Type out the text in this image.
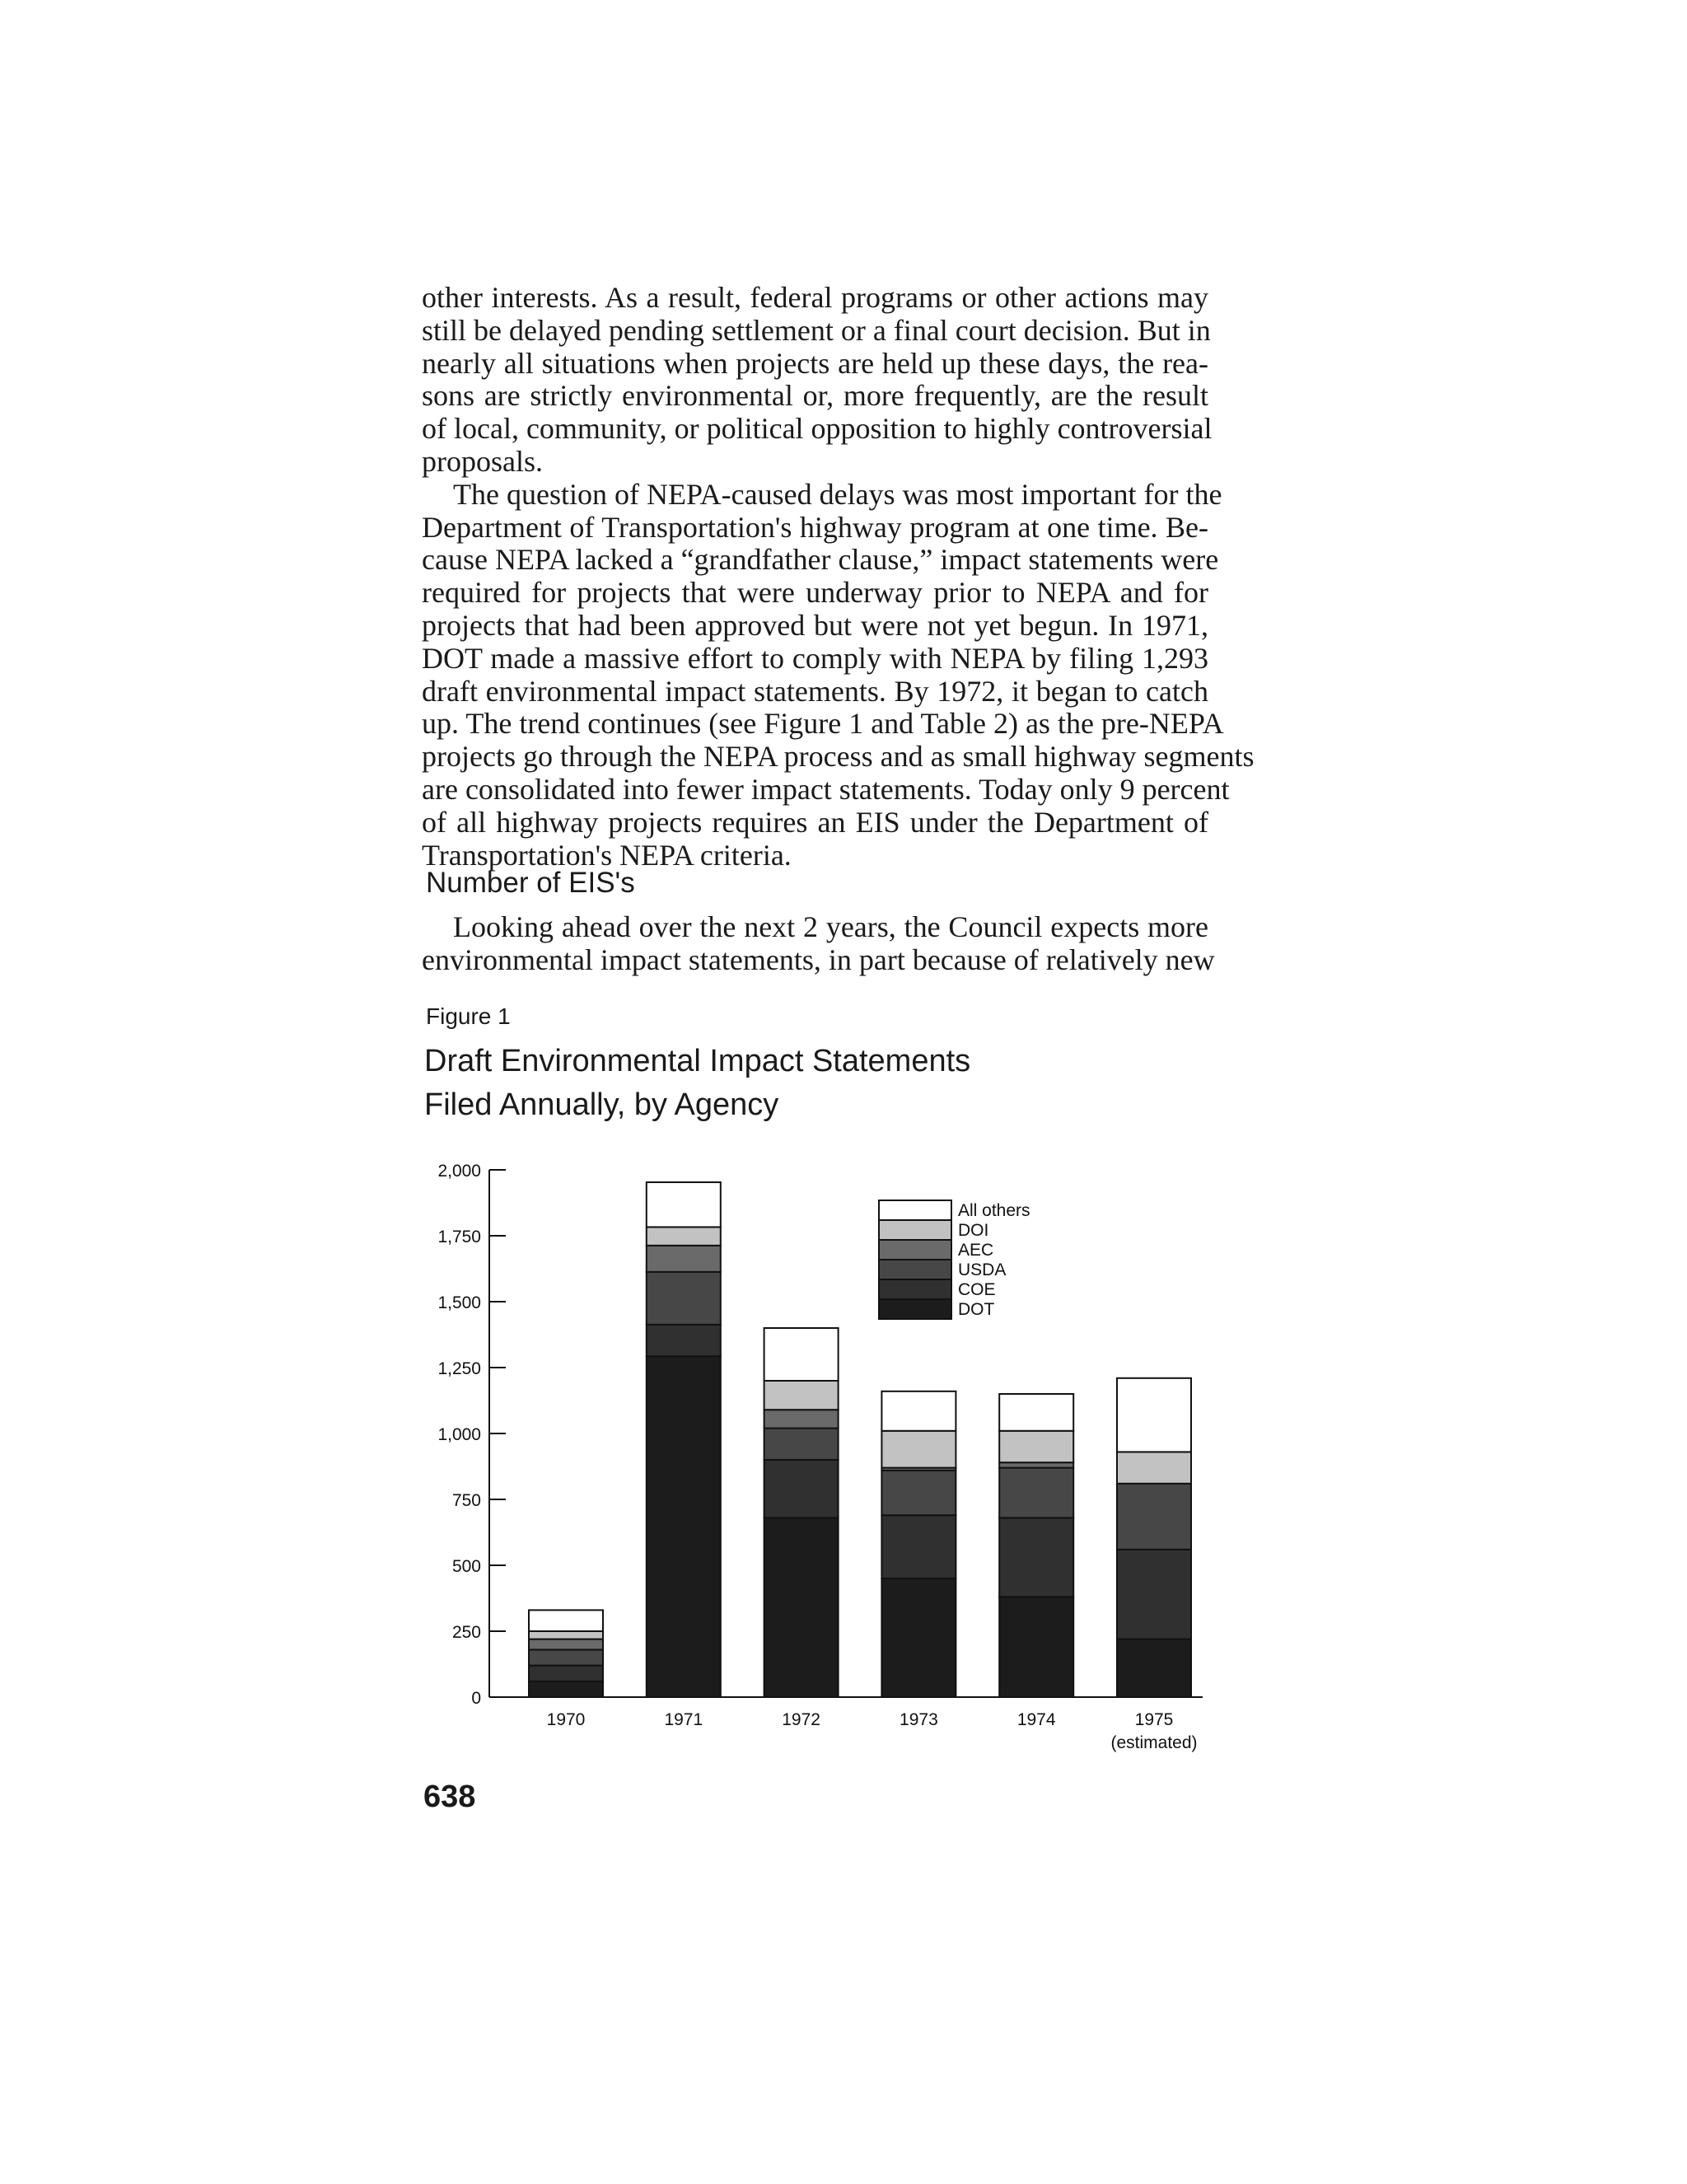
other interests. As a result, federal programs or other actions may
still be delayed pending settlement or a final court decision. But in
nearly all situations when projects are held up these days, the rea-
sons are strictly environmental or, more frequently, are the result
of local, community, or political opposition to highly controversial
proposals.
The question of NEPA-caused delays was most important for the
Department of Transportation's highway program at one time. Be-
cause NEPA lacked a “grandfather clause,” impact statements were
required for projects that were underway prior to NEPA and for
projects that had been approved but were not yet begun. In 1971,
DOT made a massive effort to comply with NEPA by filing 1,293
draft environmental impact statements. By 1972, it began to catch
up. The trend continues (see Figure 1 and Table 2) as the pre-NEPA
projects go through the NEPA process and as small highway segments
are consolidated into fewer impact statements. Today only 9 percent
of all highway projects requires an EIS under the Department of
Transportation's NEPA criteria.
Number of EIS's
Looking ahead over the next 2 years, the Council expects more
environmental impact statements, in part because of relatively new
Figure 1
Draft Environmental Impact Statements
Filed Annually, by Agency
0
250
500
750
1,000
1,250
1,500
1,750
2,000
1970	1971	1972	1973	1974	1975
(estimated)
All others
DOI
AEC
USDA
COE
DOT
638
